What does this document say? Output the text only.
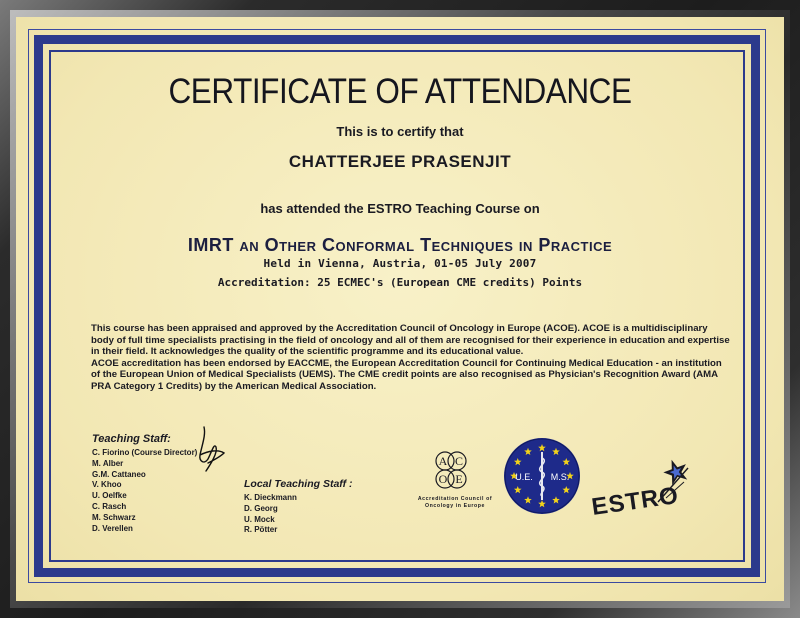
CERTIFICATE OF ATTENDANCE
This is to certify that
CHATTERJEE PRASENJIT
has attended the ESTRO Teaching Course on
IMRT an Other Conformal Techniques in Practice
Held in Vienna, Austria, 01-05 July 2007
Accreditation: 25 ECMEC's (European CME credits) Points

This course has been appraised and approved by the Accreditation Council of Oncology in Europe (ACOE). ACOE is a multidisciplinary

body of full time specialists practising in the field of oncology and all of them are recognised for their experience in education and expertise

in their field. It acknowledges the quality of the scientific programme and its educational value.

ACOE accreditation has been endorsed by EACCME, the European Accreditation Council for Continuing Medical Education - an institution

of the European Union of Medical Specialists (UEMS). The CME credit points are also recognised as Physician's Recognition Award (AMA

PRA Category 1 Credits) by the American Medical Association.

Teaching Staff:
C. Fiorino (Course Director)
M. Alber
G.M. Cattaneo
V. Khoo
U. Oelfke
C. Rasch
M. Schwarz
D. Verellen
Local Teaching Staff :
K. Dieckmann
D. Georg
U. Mock
R. Pötter
A C
O E
Accreditation Council of
Oncology in Europe
U.E. M.S.
ESTRO
